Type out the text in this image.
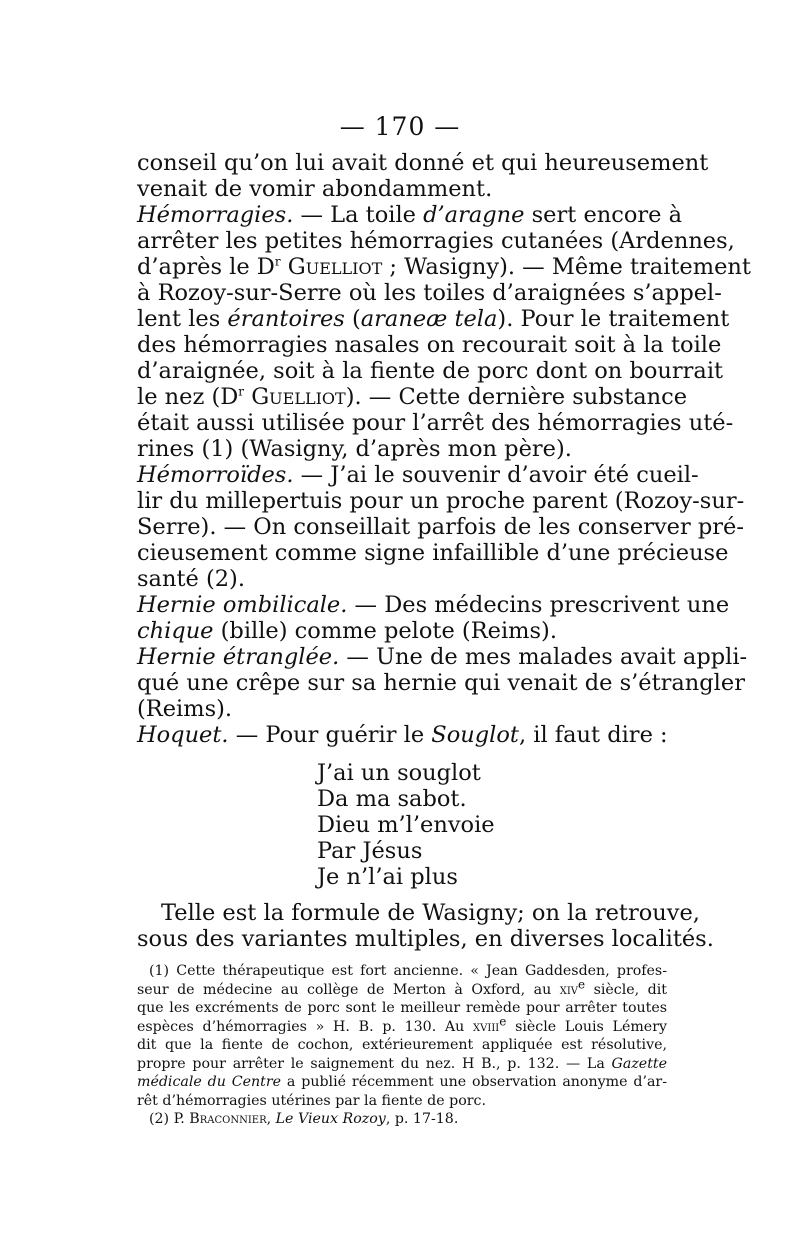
— 170 —

conseil qu’on lui avait donné et qui heureusement
venait de vomir abondamment.

Hémorragies. — La toile d’aragne sert encore à

arrêter les petites hémorragies cutanées (Ardennes,
d’après le $D^r$ Guelliot ; Wasigny). — Même traitement
à Rozoy-sur-Serre où les toiles d’araignées s’appel-
lent les érantoires (araneæ tela). Pour le traitement
des hémorragies nasales on recourait soit à la toile
d’araignée, soit à la fiente de porc dont on bourrait
le nez ($D^r$ Guelliot). — Cette dernière substance
était aussi utilisée pour l’arrêt des hémorragies uté-
rines (1) (Wasigny, d’après mon père).

Hémorroïdes. — J’ai le souvenir d’avoir été cueil-

lir du millepertuis pour un proche parent (Rozoy-sur-
Serre). — On conseillait parfois de les conserver pré-
cieusement comme signe infaillible d’une précieuse
santé (2).

Hernie ombilicale. — Des médecins prescrivent une

chique (bille) comme pelote (Reims).

Hernie étranglée. — Une de mes malades avait appli-

qué une crêpe sur sa hernie qui venait de s’étrangler
(Reims).

Hoquet. — Pour guérir le Souglot, il faut dire :

J’ai un souglot
Da ma sabot.
Dieu m’l’envoie
Par Jésus
Je n’l’ai plus

Telle est la formule de Wasigny; on la retrouve,
sous des variantes multiples, en diverses localités.

(1) Cette thérapeutique est fort ancienne. « Jean Gaddesden, profes-
seur de médecine au collège de Merton à Oxford, au xiv$^e$ siècle, dit
que les excréments de porc sont le meilleur remède pour arrêter toutes
espèces d’hémorragies » H. B. p. 130. Au xviii$^e$ siècle Louis Lémery
dit que la fiente de cochon, extérieurement appliquée est résolutive,
propre pour arrêter le saignement du nez. H B., p. 132. — La Gazette
médicale du Centre a publié récemment une observation anonyme d’ar-
rêt d’hémorragies utérines par la fiente de porc.

(2) P. Braconnier, Le Vieux Rozoy, p. 17-18.
